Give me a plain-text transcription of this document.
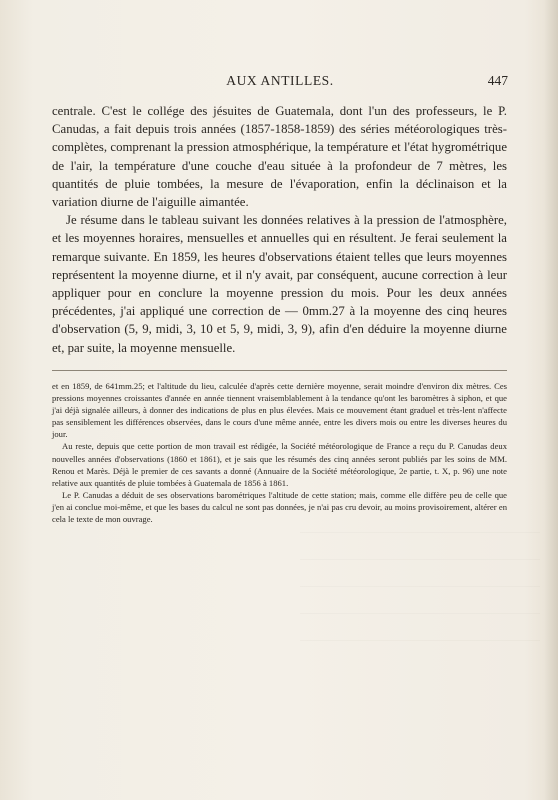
AUX ANTILLES.	447

centrale. C'est le collége des jésuites de Guatemala, dont l'un des professeurs, le P. Canudas, a fait depuis trois années (1857-1858-1859) des séries météorologiques très-complètes, comprenant la pression atmosphérique, la température et l'état hygrométrique de l'air, la température d'une couche d'eau située à la profondeur de 7 mètres, les quantités de pluie tombées, la mesure de l'évaporation, enfin la déclinaison et la variation diurne de l'aiguille aimantée.

Je résume dans le tableau suivant les données relatives à la pression de l'atmosphère, et les moyennes horaires, mensuelles et annuelles qui en résultent. Je ferai seulement la remarque suivante. En 1859, les heures d'observations étaient telles que leurs moyennes représentent la moyenne diurne, et il n'y avait, par conséquent, aucune correction à leur appliquer pour en conclure la moyenne pression du mois. Pour les deux années précédentes, j'ai appliqué une correction de — 0mm.27 à la moyenne des cinq heures d'observation (5, 9, midi, 3, 10 et 5, 9, midi, 3, 9), afin d'en déduire la moyenne diurne et, par suite, la moyenne mensuelle.

et en 1859, de 641mm.25; et l'altitude du lieu, calculée d'après cette dernière moyenne, serait moindre d'environ dix mètres. Ces pressions moyennes croissantes d'année en année tiennent vraisemblablement à la tendance qu'ont les baromètres à siphon, et que j'ai déjà signalée ailleurs, à donner des indications de plus en plus élevées. Mais ce mouvement étant graduel et très-lent n'affecte pas sensiblement les différences observées, dans le cours d'une même année, entre les divers mois ou entre les diverses heures du jour.

Au reste, depuis que cette portion de mon travail est rédigée, la Société météorologique de France a reçu du P. Canudas deux nouvelles années d'observations (1860 et 1861), et je sais que les résumés des cinq années seront publiés par les soins de MM. Renou et Marès. Déjà le premier de ces savants a donné (Annuaire de la Société météorologique, 2e partie, t. X, p. 96) une note relative aux quantités de pluie tombées à Guatemala de 1856 à 1861.

Le P. Canudas a déduit de ses observations barométriques l'altitude de cette station; mais, comme elle diffère peu de celle que j'en ai conclue moi-même, et que les bases du calcul ne sont pas données, je n'ai pas cru devoir, au moins provisoirement, altérer en cela le texte de mon ouvrage.
